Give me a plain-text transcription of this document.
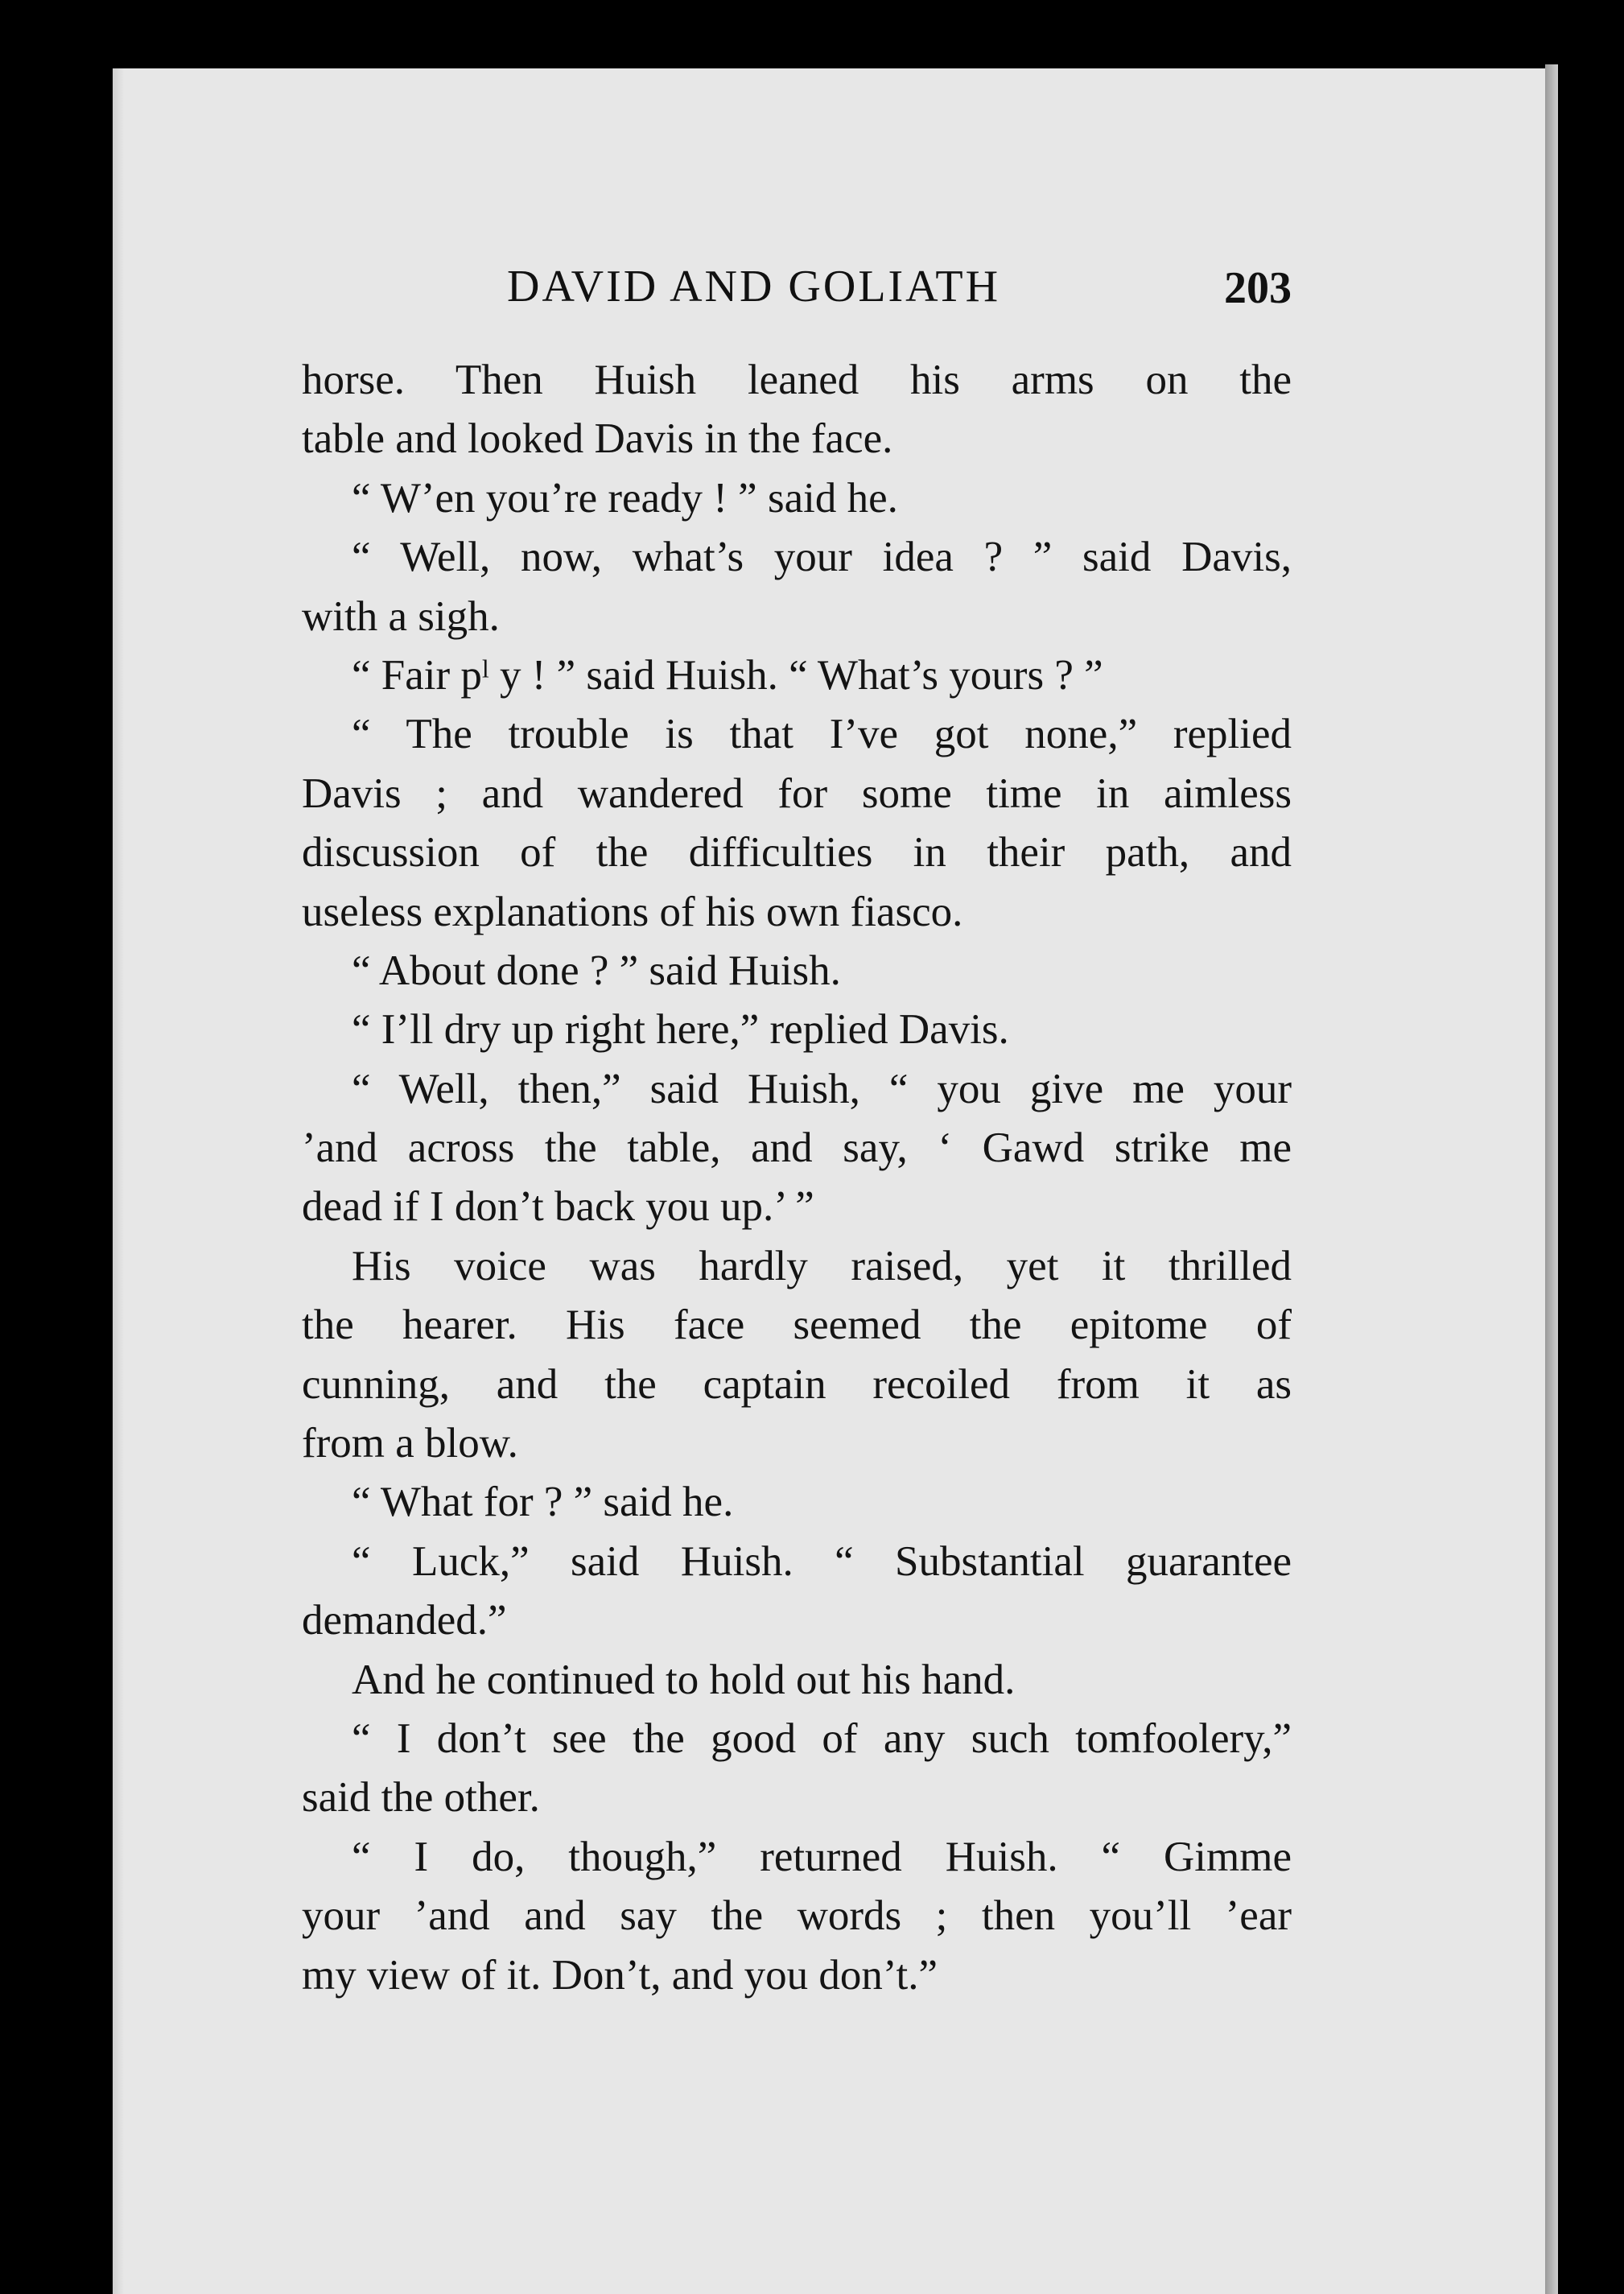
DAVID AND GOLIATH	203
horse. Then Huish leaned his arms on the
table and looked Davis in the face.
“ W’en you’re ready ! ” said he.
“ Well, now, what’s your idea ? ” said Davis,
with a sigh.
“ Fair pˡ y ! ” said Huish. “ What’s yours ? ”
“ The trouble is that I’ve got none,” replied
Davis ; and wandered for some time in aimless
discussion of the difficulties in their path, and
useless explanations of his own fiasco.
“ About done ? ” said Huish.
“ I’ll dry up right here,” replied Davis.
“ Well, then,” said Huish, “ you give me your
’and across the table, and say, ‘ Gawd strike me
dead if I don’t back you up.’ ”
His voice was hardly raised, yet it thrilled
the hearer. His face seemed the epitome of
cunning, and the captain recoiled from it as
from a blow.
“ What for ? ” said he.
“ Luck,” said Huish. “ Substantial guarantee
demanded.”
And he continued to hold out his hand.
“ I don’t see the good of any such tomfoolery,”
said the other.
“ I do, though,” returned Huish. “ Gimme
your ’and and say the words ; then you’ll ’ear
my view of it. Don’t, and you don’t.”
